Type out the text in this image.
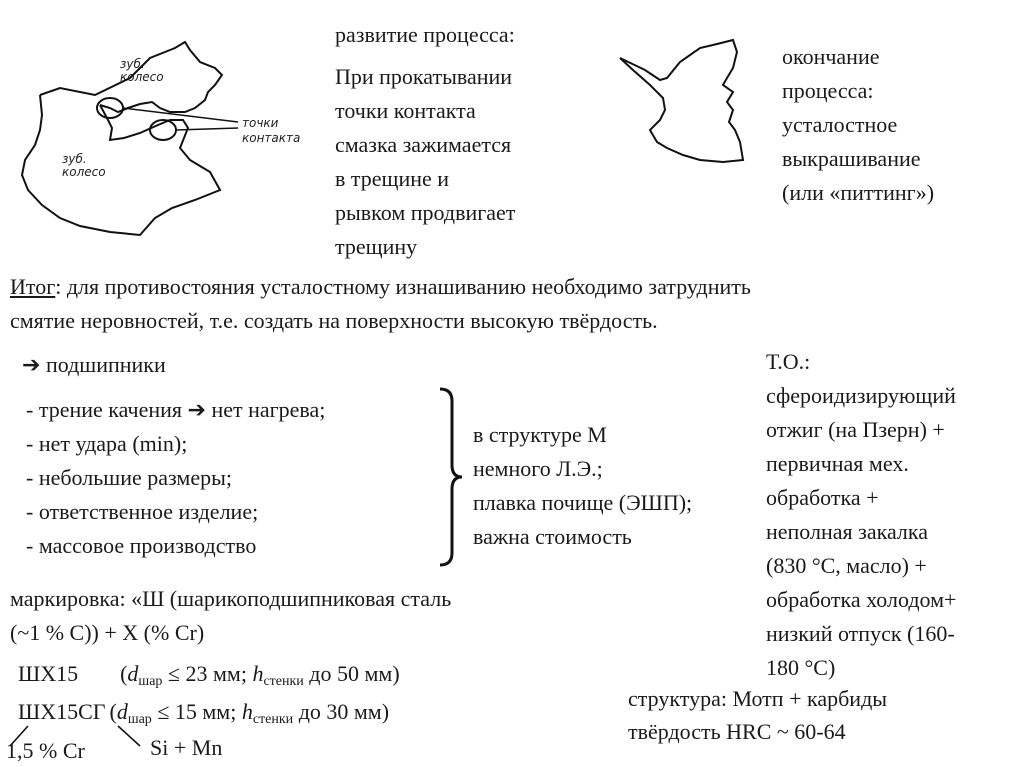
зуб.
колесо
зуб.
колесо
точки
контакта
развитие процесса:
При прокатывании
точки контакта
смазка зажимается
в трещине и
рывком продвигает
трещину
окончание
процесса:
усталостное
выкрашивание
(или «питтинг»)
Итог: для противостояния усталостному изнашиванию необходимо затруднить
смятие неровностей, т.е. создать на поверхности высокую твёрдость.
➔ подшипники
- трение качения ➔ нет нагрева;
- нет удара (min);
- небольшие размеры;
- ответственное изделие;
- массовое производство
в структуре М
немного Л.Э.;
плавка почище (ЭШП);
важна стоимость
Т.О.:
сфероидизирующий
отжиг (на Пзерн) +
первичная мех.
обработка +
неполная закалка
(830 °С, масло) +
обработка холодом+
низкий отпуск (160-
180 °С)
маркировка: «Ш (шарикоподшипниковая сталь
(~1 % С)) + Х (% Cr)
ШХ15 ($d_{шар} \le 23$ мм; $h_{стенки}$ до 50 мм)
ШХ15СГ ($d_{шар} \le 15$ мм; $h_{стенки}$ до 30 мм)
1,5 % Cr	Si + Mn
структура: Мотп + карбиды
твёрдость HRC ~ 60-64
